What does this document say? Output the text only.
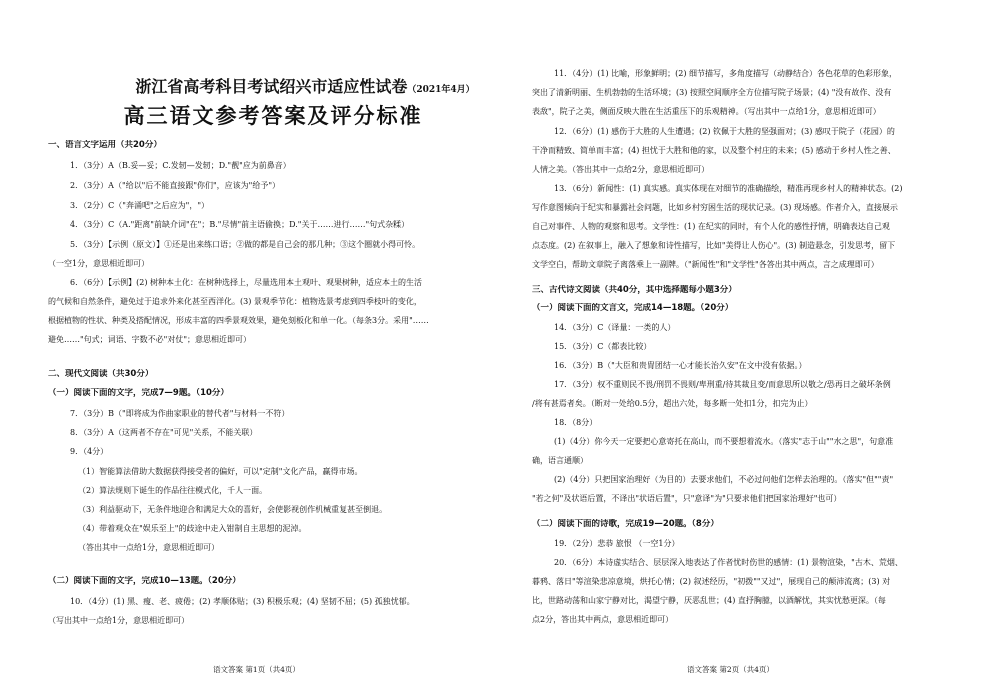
浙江省高考科目考试绍兴市适应性试卷（2021年4月）
高三语文参考答案及评分标准
一、语言文字运用（共20分）
1．（3分）A（B.妥—妥；C.发轫—发轫；D."靓"应为前鼻音）
2．（3分）A（"给以"后不能直接跟"你们"，应该为"给予"）
3．（2分）C（"奔涌吧"之后应为"，"）
4．（3分）C（A."距离"前缺介词"在"；B."尽情"前主语偷换；D."关于……进行……"句式杂糅）
5．（3分）【示例（原文）】①还是出来练口语；②做的都是自己会的那几种；③这个圈就小得可怜。
（一空1分，意思相近即可）
6．（6分）【示例】(2) 树种本土化：在树种选择上，尽量选用本土观叶、观果树种，适应本土的生活
的气候和自然条件，避免过于追求外来化甚至西洋化。(3) 景观季节化：植物选景考虑到四季枝叶的变化，
根据植物的性状、种类及搭配情况，形成丰富的四季景观效果，避免刻板化和单一化。（每条3分。采用"……
避免……"句式；词语、字数不必"对仗"；意思相近即可）
二、现代文阅读（共30分）
（一）阅读下面的文字，完成7—9题。（10分）
7．（3分）B（"即将成为作曲家职业的替代者"与材料一不符）
8．（3分）A（这两者不存在"可见"关系，不能关联）
9．（4分）
（1）智能算法借助大数据获得接受者的偏好，可以"定制"文化产品，赢得市场。
（2）算法规则下诞生的作品往往模式化，千人一面。
（3）利益驱动下，无条件地迎合和满足大众的喜好，会使影视创作机械重复甚至倒退。
（4）带着观众在"娱乐至上"的歧途中走入钳制自主思想的泥淖。
（答出其中一点给1分，意思相近即可）
（二）阅读下面的文字，完成10—13题。（20分）
10．（4分）(1) 黑、瘦、老、疲倦；(2) 孝顺体贴；(3) 积极乐观；(4) 坚韧不屈；(5) 孤独忧郁。
（写出其中一点给1分，意思相近即可）
语文答案 第1页（共4页）
11．（4分）(1) 比喻，形象鲜明；(2) 细节描写，多角度描写（动静结合）各色花草的色彩形象，
突出了清新明丽、生机勃勃的生活环境；(3) 按照空间顺序全方位描写院子场景；(4) "没有故作、没有
表敌"，院子之美，侧面反映大胜在生活重压下的乐观精神。（写出其中一点给1分，意思相近即可）
12．（6分）(1) 感伤于大胜的人生遭遇；(2) 钦佩于大胜的坚强面对；(3) 感叹于院子（花园）的
干净而精致、简单而丰富；(4) 担忧于大胜和他的家，以及整个村庄的未来；(5) 感动于乡村人性之善、
人情之美。（答出其中一点给2分，意思相近即可）
13．（6分）新闻性：(1) 真实感。真实体现在对细节的准确描绘，精准再现乡村人的精神状态。(2)
写作意图倾向于纪实和暴露社会问题，比如乡村穷困生活的现状记录。(3) 现场感。作者介入，直接展示
自己对事件、人物的观察和思考。文学性：(1) 在纪实的同时，有个人化的感性抒情，明确表达自己观
点态度。(2) 在叙事上，融入了想象和诗性描写，比如"美得让人伤心"。(3) 制造悬念，引发思考，留下
文学空白，帮助文章院子离落乘上一副牌。（"新闻性"和"文学性"各答出其中两点，言之成理即可）
三、古代诗文阅读（共40分，其中选择题每小题3分）
（一）阅读下面的文言文，完成14—18题。（20分）
14．（3分）C（译量：一类的人）
15．（3分）C（都表比较）
16．（3分）B（"大臣和贵胄团结一心才能长治久安"在文中没有依据。）
17．（3分）权不重则民不畏/刑罚不畏则/卑刑重/待其裁且变/而意思所以敬之/恐再日之破坏条例
/将有甚焉者矣。（断对一处给0.5分，超出六处，每多断一处扣1分，扣完为止）
18．（8分）
(1)（4分）你今天一定要把心意寄托在高山，而不要想着流水。（落实"志于山""水之思"，句意准
确，语言通顺）
(2)（4分）只把国家治理好（为目的）去要求他们，不必过问他们怎样去治理的。（落实"但""责"
"若之何"及状语后置，不译出"状语后置"，只"意译"为"只要求他们把国家治理好"也可）
（二）阅读下面的诗歌，完成19—20题。（8分）
19．（2分）悲恭 旅恨 （一空1分）
20．（6分）本诗虚实结合、层层深入地表达了作者忧时伤世的感情：(1) 景物渲染，"古木、荒烟、
暮鸦、落日"等渲染悲凉意境，烘托心情；(2) 叙述经历，"初拨""又过"，展现自己的颠沛流离；(3) 对
比，世路动荡和山家宁静对比，渴望宁静，厌恶乱世；(4) 直抒胸臆，以酒解忧，其实忧愁更深。（每
点2分，答出其中两点，意思相近即可）
语文答案 第2页（共4页）
